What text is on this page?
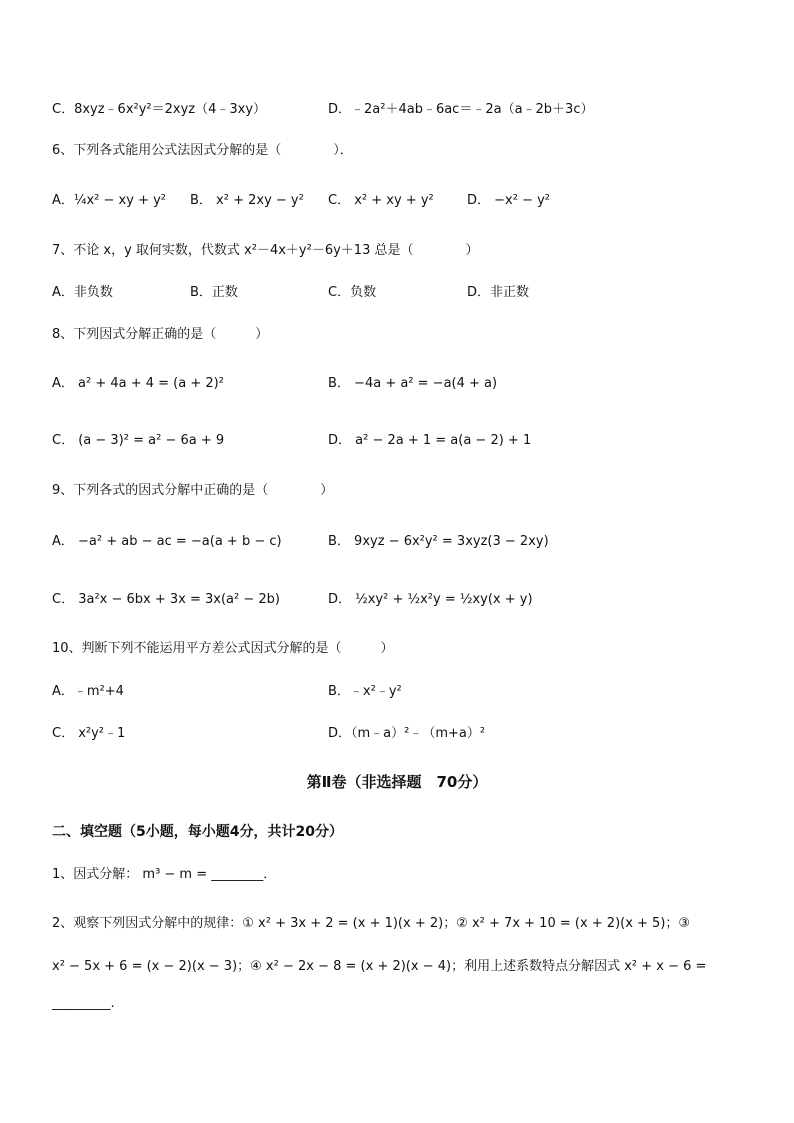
C．8xyz﹣6x²y²＝2xyz（4﹣3xy）	D．﹣2a²＋4ab﹣6ac＝﹣2a（a﹣2b＋3c）
6、下列各式能用公式法因式分解的是（　　　　）．
A．¼x² − xy + y² B． x² + 2xy − y² C． x² + xy + y²	D． −x² − y²
7、不论 x，y 取何实数，代数式 x²－4x＋y²－6y＋13 总是（　　　　）
A．非负数	B．正数	C．负数	D．非正数
8、下列因式分解正确的是（　　　）
A． a² + 4a + 4 = (a + 2)²	B． −4a + a² = −a(4 + a)
C． (a − 3)² = a² − 6a + 9	D． a² − 2a + 1 = a(a − 2) + 1
9、下列各式的因式分解中正确的是（　　　　）
A． −a² + ab − ac = −a(a + b − c)	B． 9xyz − 6x²y² = 3xyz(3 − 2xy)
C． 3a²x − 6bx + 3x = 3x(a² − 2b)	D． ½xy² + ½x²y = ½xy(x + y)
10、判断下列不能运用平方差公式因式分解的是（　　　）
A．﹣m²+4	B．﹣x²﹣y²
C． x²y²﹣1	D．（m﹣a）²﹣（m+a）²
第Ⅱ卷（非选择题　70分）
二、填空题（5小题，每小题4分，共计20分）
1、因式分解： m³ − m = ________．
2、观察下列因式分解中的规律：① x² + 3x + 2 = (x + 1)(x + 2)；② x² + 7x + 10 = (x + 2)(x + 5)；③
x² − 5x + 6 = (x − 2)(x − 3)；④ x² − 2x − 8 = (x + 2)(x − 4)；利用上述系数特点分解因式 x² + x − 6 =
_________.
